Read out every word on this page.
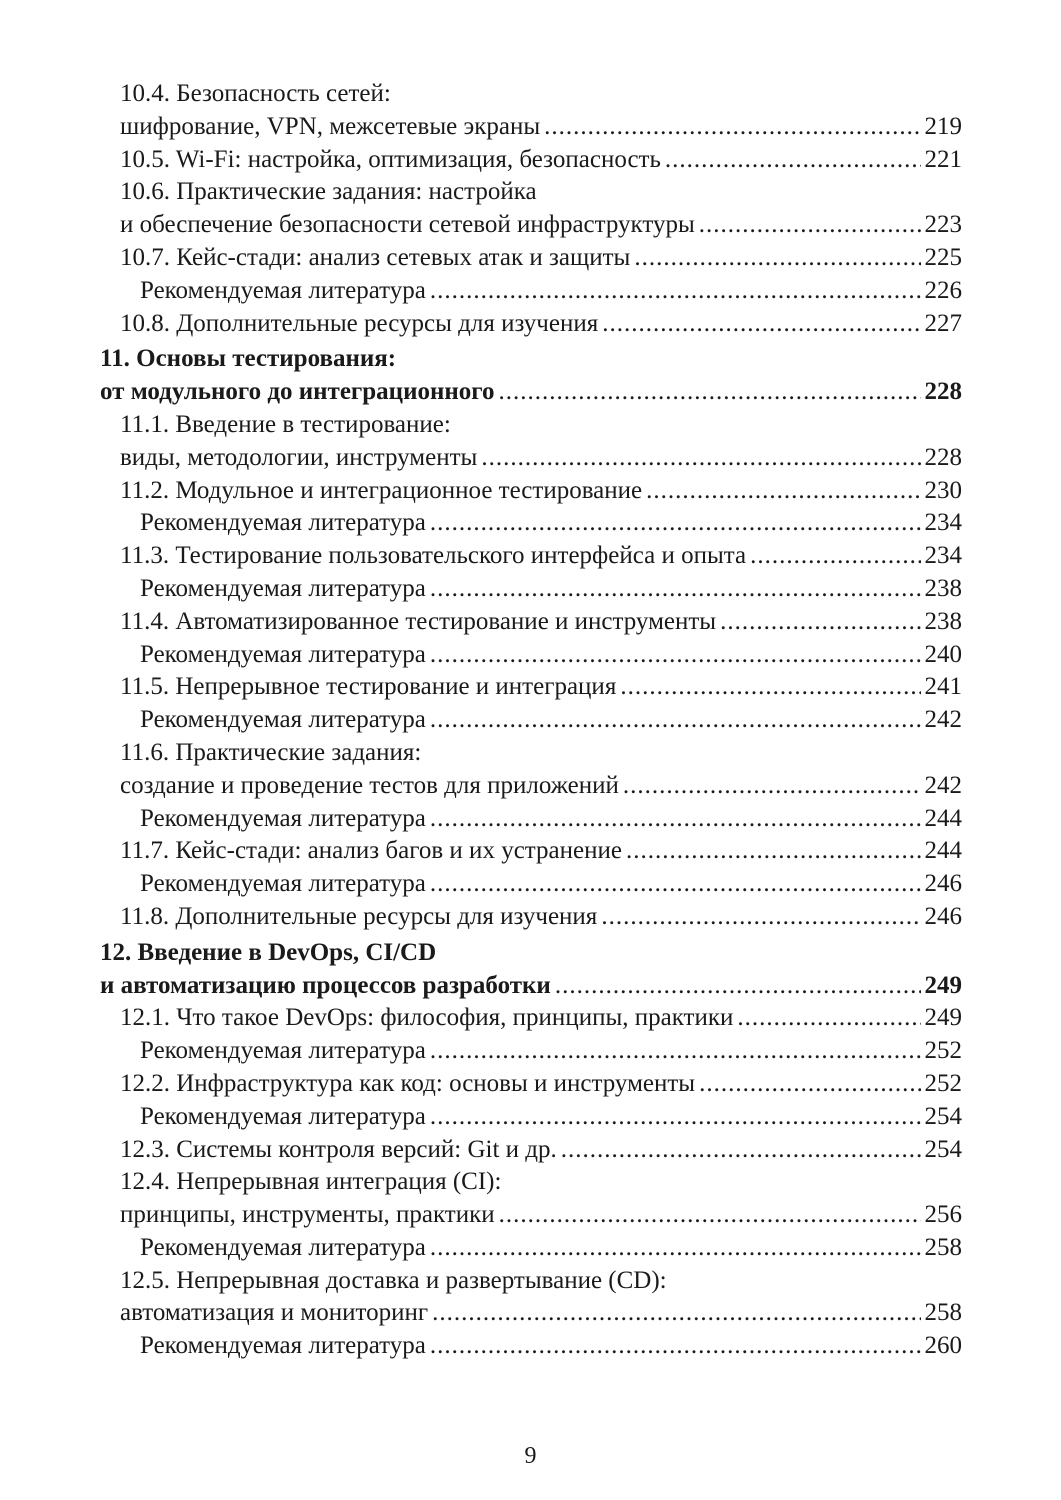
10.4. Безопасность сетей:
шифрование, VPN, межсетевые экраны .....	219
10.5. Wi-Fi: настройка, оптимизация, безопасность .....	221
10.6. Практические задания: настройка
и обеспечение безопасности сетевой инфраструктуры .....	223
10.7. Кейс-стади: анализ сетевых атак и защиты .....	225
Рекомендуемая литература .....	226
10.8. Дополнительные ресурсы для изучения .....	227
11. Основы тестирования:
от модульного до интеграционного .....	228
11.1. Введение в тестирование:
виды, методологии, инструменты .....	228
11.2. Модульное и интеграционное тестирование .....	230
Рекомендуемая литература .....	234
11.3. Тестирование пользовательского интерфейса и опыта .....	234
Рекомендуемая литература .....	238
11.4. Автоматизированное тестирование и инструменты .....	238
Рекомендуемая литература .....	240
11.5. Непрерывное тестирование и интеграция .....	241
Рекомендуемая литература .....	242
11.6. Практические задания:
создание и проведение тестов для приложений .....	242
Рекомендуемая литература .....	244
11.7. Кейс-стади: анализ багов и их устранение .....	244
Рекомендуемая литература .....	246
11.8. Дополнительные ресурсы для изучения .....	246
12. Введение в DevOps, CI/CD
и автоматизацию процессов разработки .....	249
12.1. Что такое DevOps: философия, принципы, практики .....	249
Рекомендуемая литература .....	252
12.2. Инфраструктура как код: основы и инструменты .....	252
Рекомендуемая литература .....	254
12.3. Системы контроля версий: Git и др. .....	254
12.4. Непрерывная интеграция (CI):
принципы, инструменты, практики .....	256
Рекомендуемая литература .....	258
12.5. Непрерывная доставка и развертывание (CD):
автоматизация и мониторинг .....	258
Рекомендуемая литература .....	260
9
